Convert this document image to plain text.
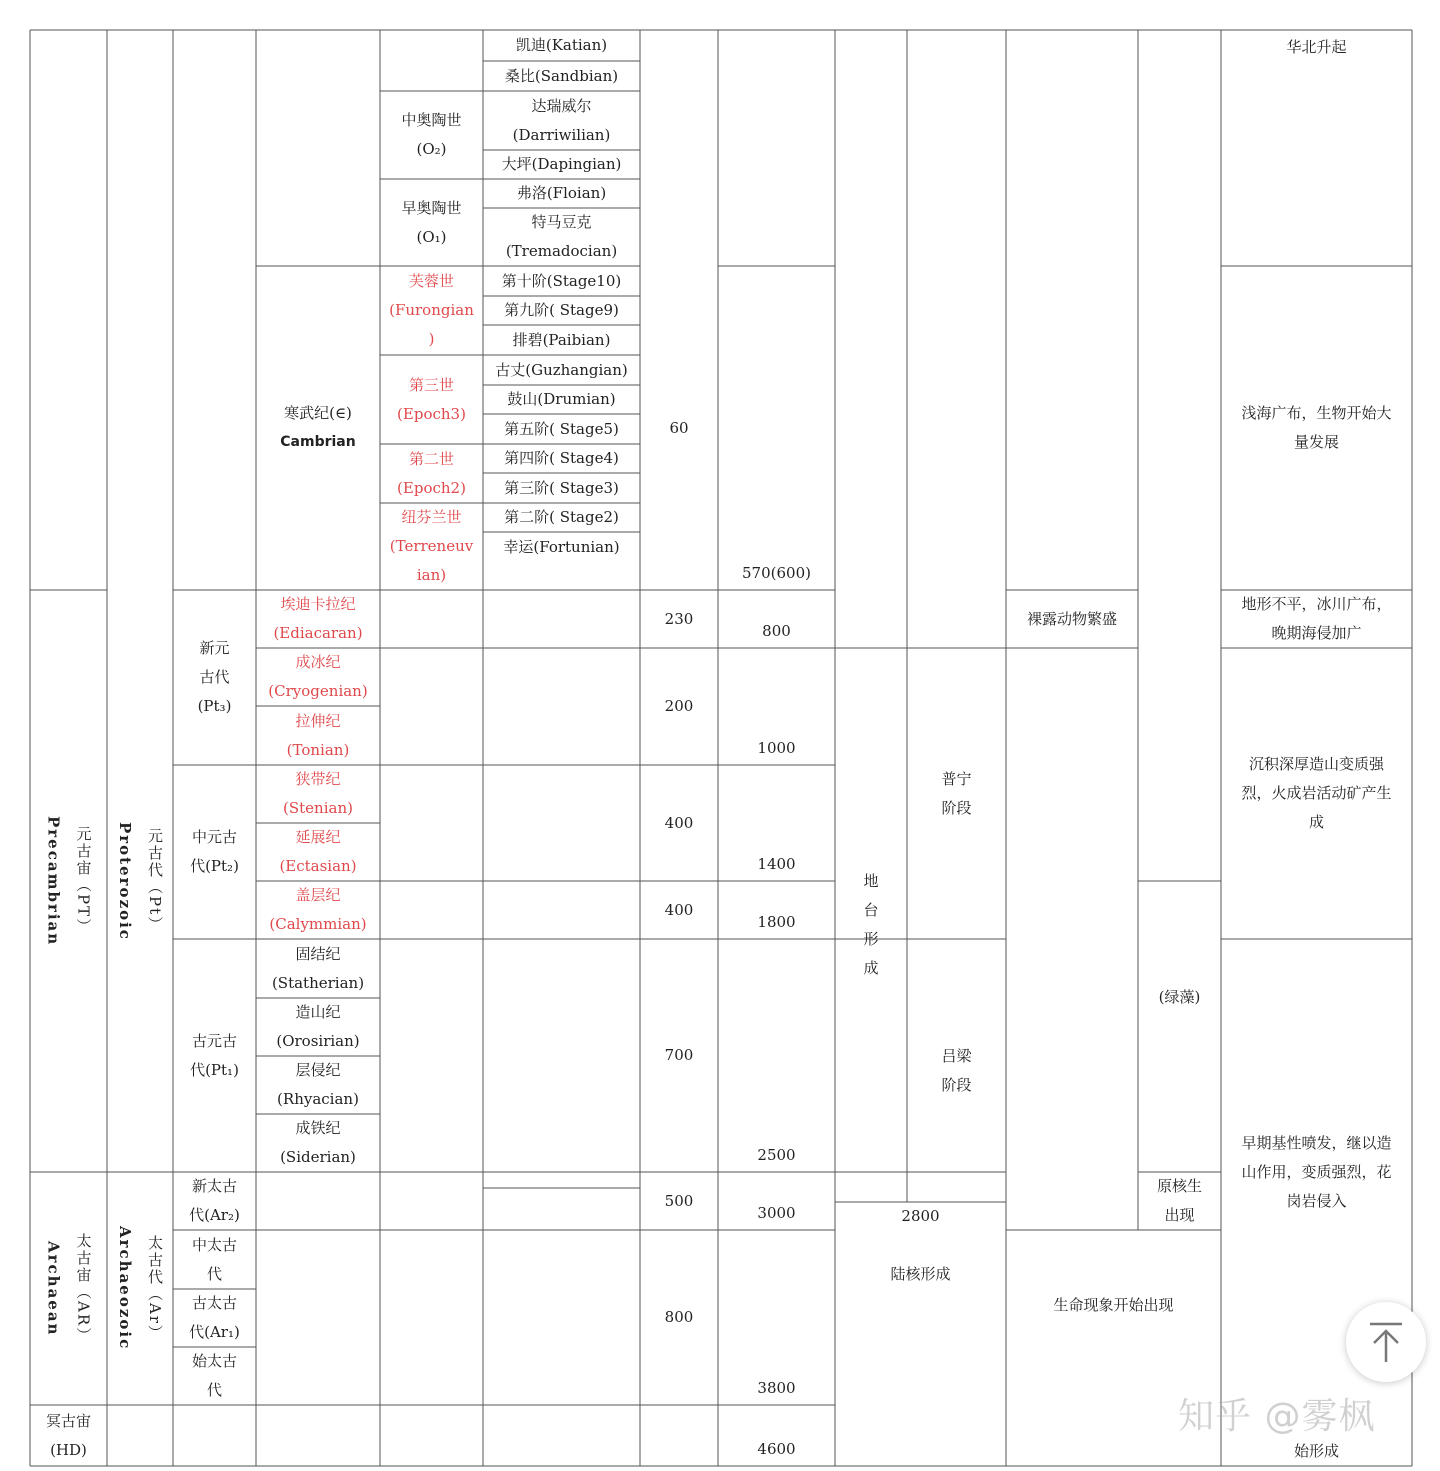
凯迪(Katian)
桑比(Sandbian)
达瑞威尔
(Darriwilian)
大坪(Dapingian)
弗洛(Floian)
特马豆克
(Tremadocian)
第十阶(Stage10)
第九阶( Stage9)
排碧(Paibian)
古丈(Guzhangian)
鼓山(Drumian)
第五阶( Stage5)
第四阶( Stage4)
第三阶( Stage3)
第二阶( Stage2)
幸运(Fortunian)
中奥陶世
(O₂)
早奥陶世
(O₁)
芙蓉世
(Furongian
)
第三世
(Epoch3)
第二世
(Epoch2)
纽芬兰世
(Terreneuv
ian)
埃迪卡拉纪
(Ediacaran)
成冰纪
(Cryogenian)
拉伸纪
(Tonian)
狭带纪
(Stenian)
延展纪
(Ectasian)
盖层纪
(Calymmian)
固结纪
(Statherian)
造山纪
(Orosirian)
层侵纪
(Rhyacian)
成铁纪
(Siderian)
新元
古代
(Pt₃)
中元古
代(Pt₂)
古元古
代(Pt₁)
新太古
代(Ar₂)
中太古
代
古太古
代(Ar₁)
始太古
代
冥古宙
(HD)
60
230
200
400
400
700
500
800
570(600)
800
1000
1400
1800
2500
3000
3800
4600
地
台
形
成
普宁
阶段
吕梁
阶段
2800
陆核形成
裸露动物繁盛
(绿藻)
原核生
出现
生命现象开始出现
华北升起
浅海广布，生物开始大
量发展
地形不平，冰川广布，
晚期海侵加广
沉积深厚造山变质强
烈，火成岩活动矿产生
成
早期基性喷发，继以造
山作用，变质强烈，花
岗岩侵入
始形成
寒武纪(∈)
Cambrian
Precambrian 元古宙（PT）
Archaean 太古宙（AR）
Proterozoic 元古代（Pt）
Archaeozoic 太古代（Ar）
知乎 @雾枫
